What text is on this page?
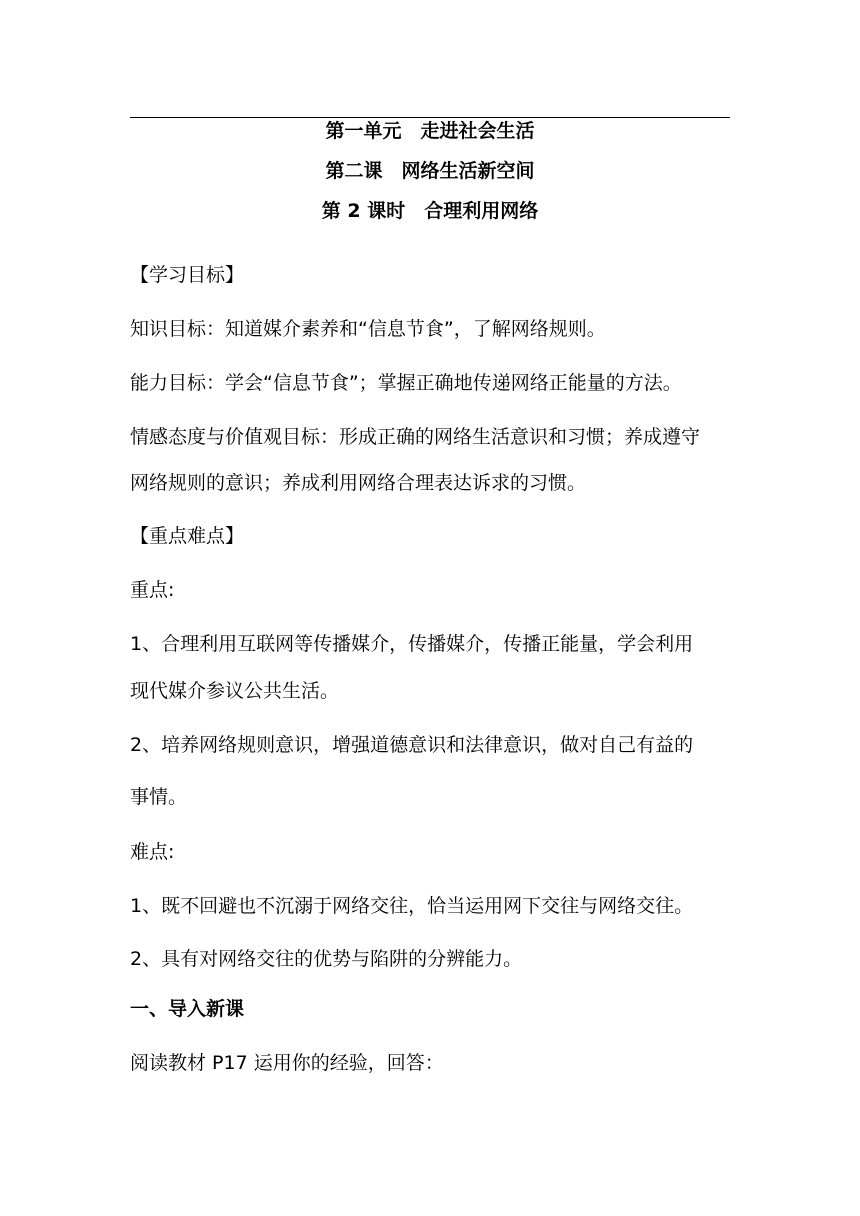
第一单元　走进社会生活
第二课　网络生活新空间
第 2 课时　合理利用网络
【学习目标】
知识目标：知道媒介素养和“信息节食”，了解网络规则。
能力目标：学会“信息节食”；掌握正确地传递网络正能量的方法。
情感态度与价值观目标：形成正确的网络生活意识和习惯；养成遵守
网络规则的意识；养成利用网络合理表达诉求的习惯。
【重点难点】
重点:
1、合理利用互联网等传播媒介，传播媒介，传播正能量，学会利用
现代媒介参议公共生活。
2、培养网络规则意识，增强道德意识和法律意识，做对自己有益的
事情。
难点:
1、既不回避也不沉溺于网络交往，恰当运用网下交往与网络交往。
2、具有对网络交往的优势与陷阱的分辨能力。
一、导入新课
阅读教材 P17 运用你的经验，回答：
